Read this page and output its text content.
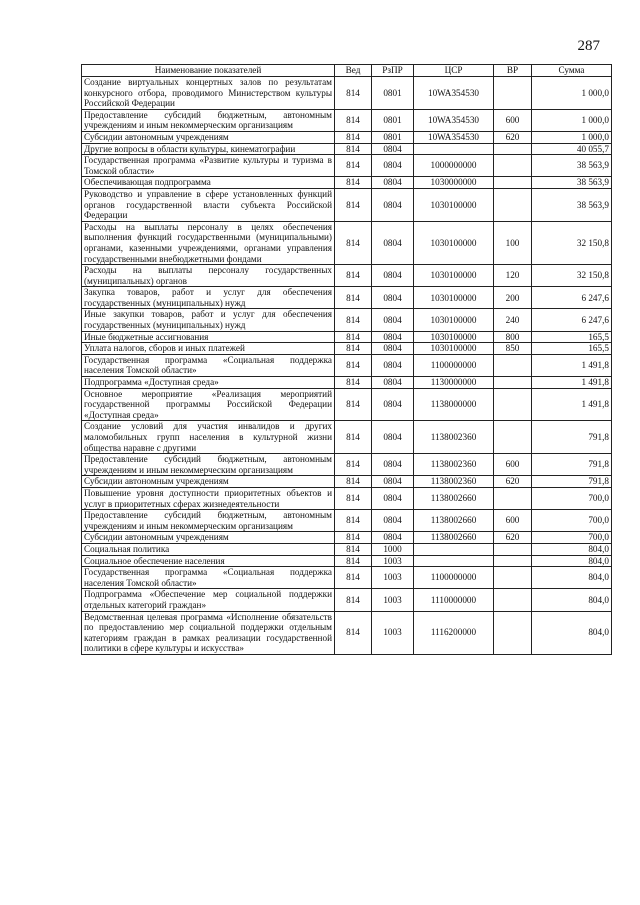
287
Наименование показателей	Вед	РзПР	ЦСР	ВР	Сумма
Создание виртуальных концертных залов по результатам конкурсного отбора, проводимого Министерством культуры Российской Федерации	814	0801	10WA354530		1 000,0
Предоставление субсидий бюджетным, автономным учреждениям и иным некоммерческим организациям	814	0801	10WA354530	600	1 000,0
Субсидии автономным учреждениям	814	0801	10WA354530	620	1 000,0
Другие вопросы в области культуры, кинематографии	814	0804			40 055,7
Государственная программа «Развитие культуры и туризма в Томской области»	814	0804	1000000000		38 563,9
Обеспечивающая подпрограмма	814	0804	1030000000		38 563,9
Руководство и управление в сфере установленных функций органов государственной власти субъекта Российской Федерации	814	0804	1030100000		38 563,9
Расходы на выплаты персоналу в целях обеспечения выполнения функций государственными (муниципальными) органами, казенными учреждениями, органами управления государственными внебюджетными фондами	814	0804	1030100000	100	32 150,8
Расходы на выплаты персоналу государственных (муниципальных) органов	814	0804	1030100000	120	32 150,8
Закупка товаров, работ и услуг для обеспечения государственных (муниципальных) нужд	814	0804	1030100000	200	6 247,6
Иные закупки товаров, работ и услуг для обеспечения государственных (муниципальных) нужд	814	0804	1030100000	240	6 247,6
Иные бюджетные ассигнования	814	0804	1030100000	800	165,5
Уплата налогов, сборов и иных платежей	814	0804	1030100000	850	165,5
Государственная программа «Социальная поддержка населения Томской области»	814	0804	1100000000		1 491,8
Подпрограмма «Доступная среда»	814	0804	1130000000		1 491,8
Основное мероприятие «Реализация мероприятий государственной программы Российской Федерации «Доступная среда»	814	0804	1138000000		1 491,8
Создание условий для участия инвалидов и других маломобильных групп населения в культурной жизни общества наравне с другими	814	0804	1138002360		791,8
Предоставление субсидий бюджетным, автономным учреждениям и иным некоммерческим организациям	814	0804	1138002360	600	791,8
Субсидии автономным учреждениям	814	0804	1138002360	620	791,8
Повышение уровня доступности приоритетных объектов и услуг в приоритетных сферах жизнедеятельности	814	0804	1138002660		700,0
Предоставление субсидий бюджетным, автономным учреждениям и иным некоммерческим организациям	814	0804	1138002660	600	700,0
Субсидии автономным учреждениям	814	0804	1138002660	620	700,0
Социальная политика	814	1000			804,0
Социальное обеспечение населения	814	1003			804,0
Государственная программа «Социальная поддержка населения Томской области»	814	1003	1100000000		804,0
Подпрограмма «Обеспечение мер социальной поддержки отдельных категорий граждан»	814	1003	1110000000		804,0
Ведомственная целевая программа «Исполнение обязательств по предоставлению мер социальной поддержки отдельным категориям граждан в рамках реализации государственной политики в сфере культуры и искусства»	814	1003	1116200000		804,0
